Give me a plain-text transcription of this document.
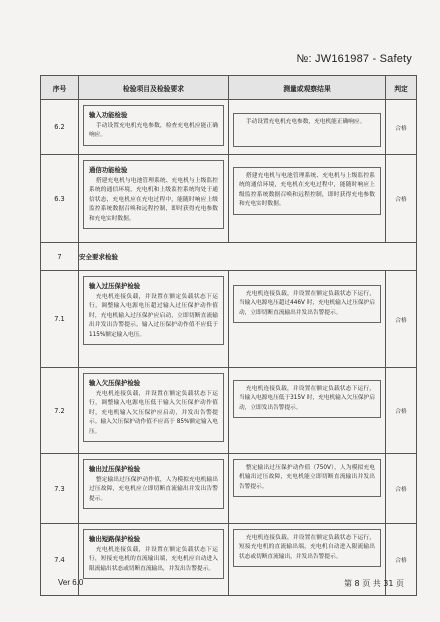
№: JW161987 - Safety
序号	检验项目及检验要求	测量或观察结果	判定
6.2	输入功能检验
手动设置充电机充电参数，检查充电机应能正确响应。	手动设置充电机充电参数，充电机能正确响应。	合格
6.3	通信功能检验
搭建充电机与电池管理系统、充电机与上级监控系统的通信环境，充电机和上级监控系统均处于通信状态，充电机应在充电过程中，能随时响应上级监控系统数据召唤和远程控制，即时获得充电参数和充电实时数据。	搭建充电机与电池管理系统、充电机与上级监控系统的通信环境，充电机在充电过程中，能随时响应上级监控系统数据召唤和远程控制，即时获得充电参数和充电实时数据。	合格
7	安全要求检验		
7.1	输入过压保护检验
充电机连接负载，并设置在额定负载状态下运行，调整输入电源电压超过输入过压保护动作值时，充电机输入过压保护应启动，立即切断直流输出并发出告警提示。输入过压保护动作值不应低于 115%额定输入电压。	充电机连接负载，并设置在额定负载状态下运行，当输入电源电压超过446V 时，充电机输入过压保护启动，立即切断直流输出并发出告警提示。	合格
7.2	输入欠压保护检验
充电机连接负载，并设置在额定负载状态下运行，调整输入电源电压低于输入欠压保护动作值时，充电机输入欠压保护应启动，并发出告警提示。输入欠压保护动作值不应高于 85%额定输入电压。	充电机连接负载，并设置在额定负载状态下运行，当输入电源电压低于315V 时，充电机输入欠压保护启动，立即发出告警提示。	合格
7.3	输出过压保护检验
整定输出过压保护动作值，人为模拟充电机输出过压故障，充电机应立即切断直流输出并发出告警提示。	整定输出过压保护动作值（750V），人为模拟充电机输出过压故障，充电机能立即切断直流输出并发出告警提示。	合格
7.4	输出短路保护检验
充电机连接负载，并设置在额定负载状态下运行，短接充电机的直流输出端，充电机应自动进入限流输出状态或切断直流输出，并发出告警提示。	充电机连接负载，并设置在额定负载状态下运行，短接充电机的直流输出端，充电机自动进入限流输出状态或切断直流输出，并发出告警提示。	合格
Ver 6.0	第 8 页 共 31 页
